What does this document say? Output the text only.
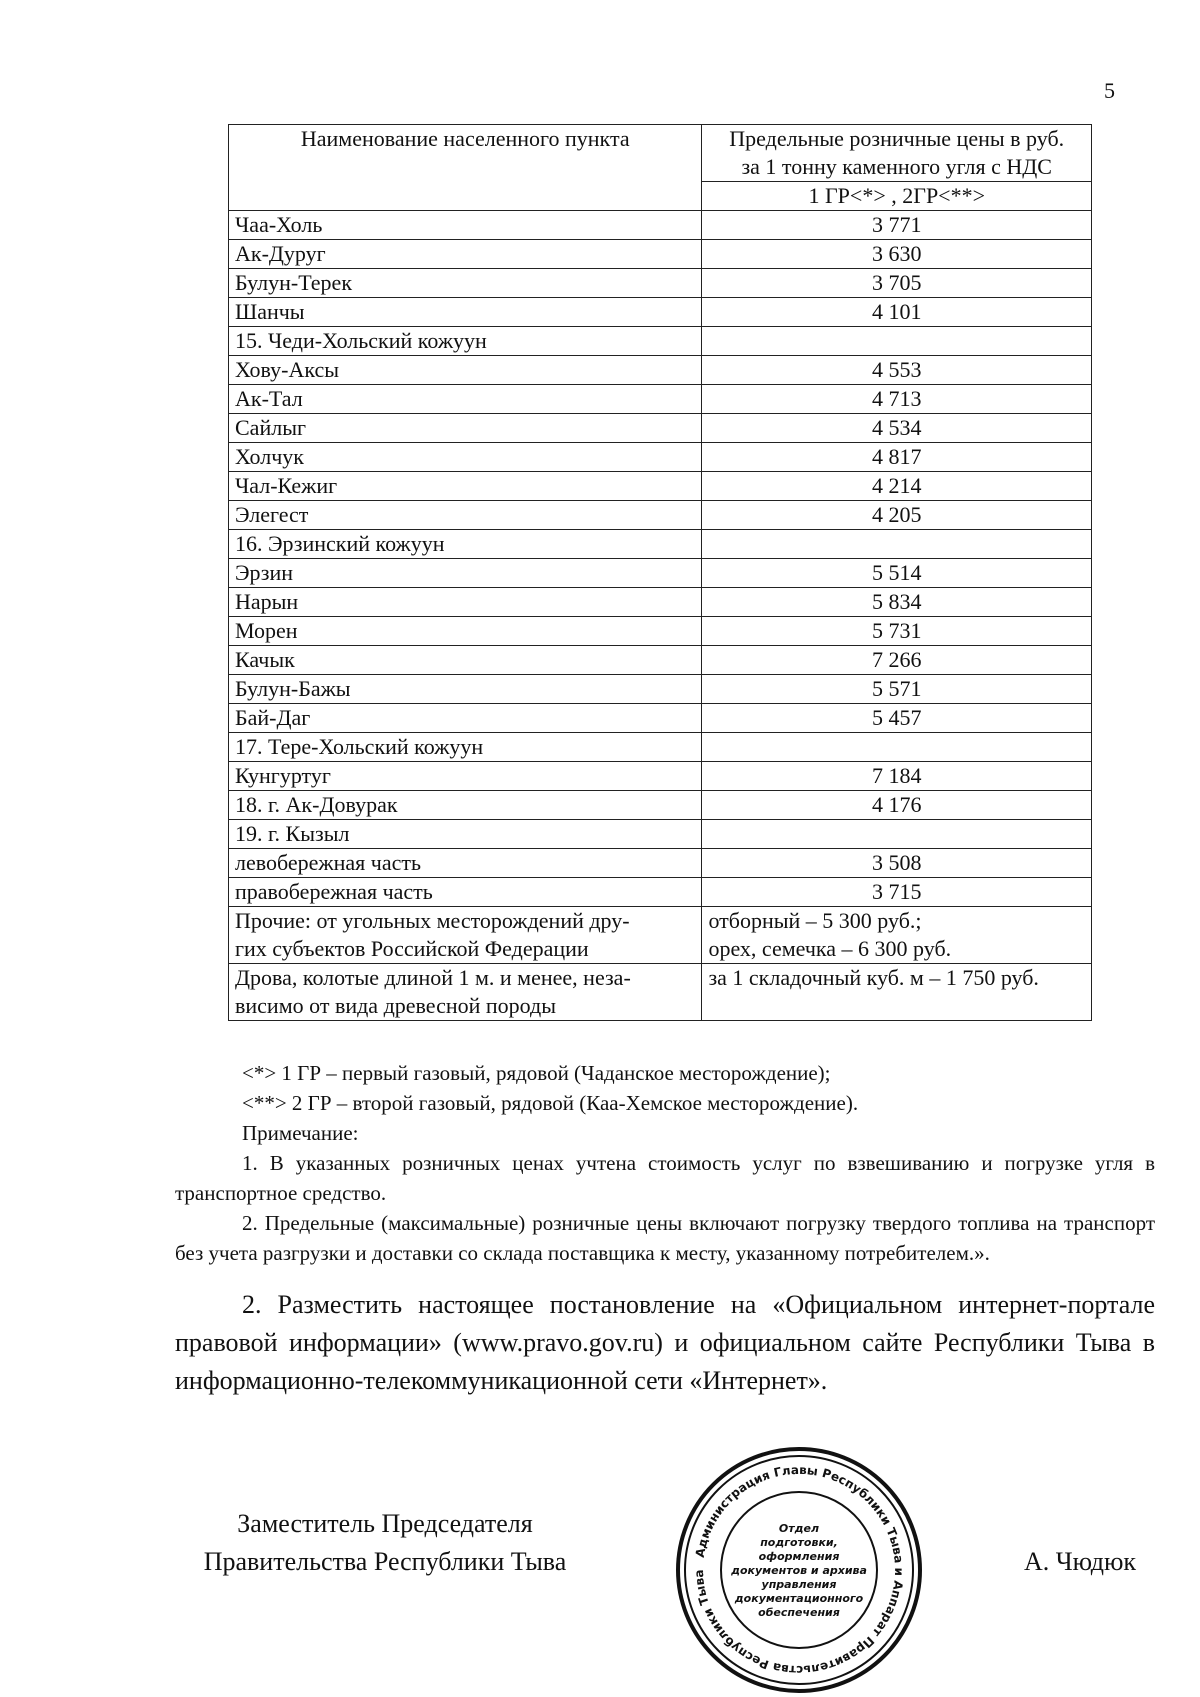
5
Наименование населенного пункта	Предельные розничные цены в руб.
за 1 тонну каменного угля с НДС
	1 ГР<*> , 2ГР<**>
Чаа-Холь	3 771
Ак-Дуруг	3 630
Булун-Терек	3 705
Шанчы	4 101
15. Чеди-Хольский кожуун	
Хову-Аксы	4 553
Ак-Тал	4 713
Сайлыг	4 534
Холчук	4 817
Чал-Кежиг	4 214
Элегест	4 205
16. Эрзинский кожуун	
Эрзин	5 514
Нарын	5 834
Морен	5 731
Качык	7 266
Булун-Бажы	5 571
Бай-Даг	5 457
17. Тере-Хольский кожуун	
Кунгуртуг	7 184
18. г. Ак-Довурак	4 176
19. г. Кызыл	
левобережная часть	3 508
правобережная часть	3 715
Прочие: от угольных месторождений дру-
гих субъектов Российской Федерации	отборный – 5 300 руб.;
орех, семечка – 6 300 руб.
Дрова, колотые длиной 1 м. и менее, неза-
висимо от вида древесной породы	за 1 складочный куб. м – 1 750 руб.

<*> 1 ГР – первый газовый, рядовой (Чаданское месторождение);

<**> 2 ГР – второй газовый, рядовой (Каа-Хемское месторождение).

Примечание:

1. В указанных розничных ценах учтена стоимость услуг по взвешиванию и погрузке угля в транспортное средство.

2. Предельные (максимальные) розничные цены включают погрузку твердого топлива на транспорт без учета разгрузки и доставки со склада поставщика к месту, указанному потребителем.».

2. Разместить настоящее постановление на «Официальном интернет-портале правовой информации» (www.pravo.gov.ru) и официальном сайте Республики Тыва в информационно-телекоммуникационной сети «Интернет».
Заместитель Председателя
Правительства Республики Тыва	А. Чюдюк
Администрация Главы Республики Тыва и Аппарат Правительства Республики Тыва
Отдел
подготовки,
оформления
документов и архива
управления
документационного
обеспечения
